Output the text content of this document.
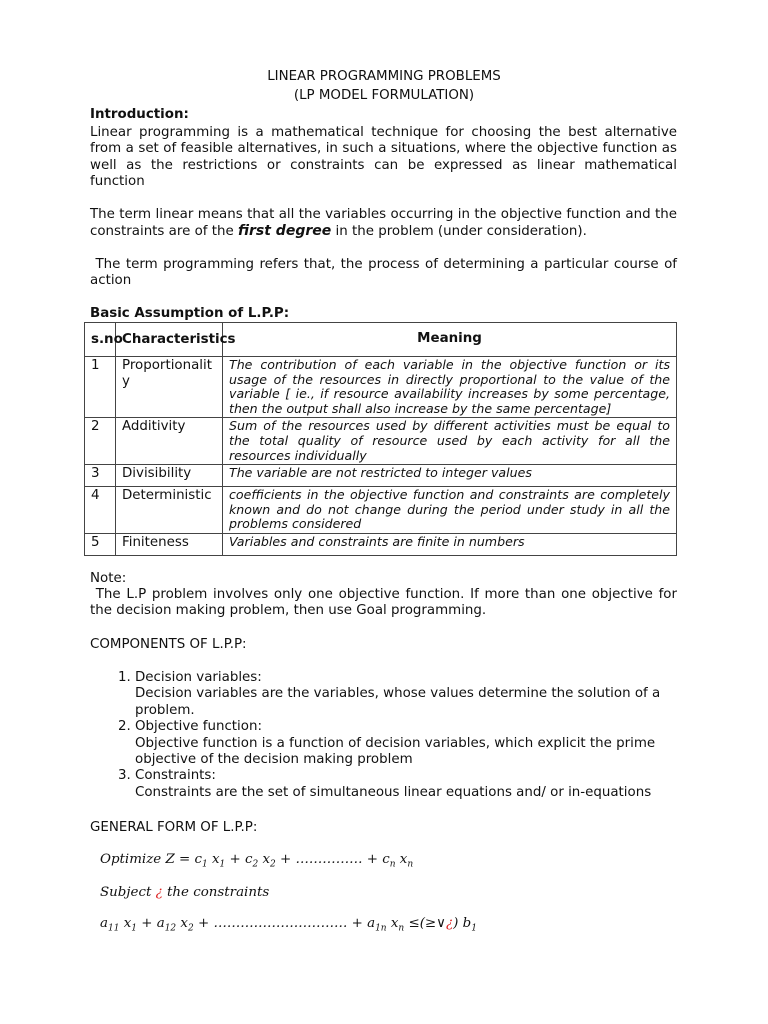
LINEAR PROGRAMMING PROBLEMS
(LP MODEL FORMULATION)
Introduction:
Linear programming is a mathematical technique for choosing the best alternative from a set of feasible alternatives, in such a situations, where the objective function as well as the restrictions or constraints can be expressed as linear mathematical function
The term linear means that all the variables occurring in the objective function and the constraints are of the first degree in the problem (under consideration).
The term programming refers that, the process of determining a particular course of action
Basic Assumption of L.P.P:
s.no	Characteristics	Meaning
1	Proportionality	The contribution of each variable in the objective function or its usage of the resources in directly proportional to the value of the variable [ ie., if resource availability increases by some percentage, then the output shall also increase by the same percentage]
2	Additivity	Sum of the resources used by different activities must be equal to the total quality of resource used by each activity for all the resources individually
3	Divisibility	The variable are not restricted to integer values
4	Deterministic	coefficients in the objective function and constraints are completely known and do not change during the period under study in all the problems considered
5	Finiteness	Variables and constraints are finite in numbers
Note:
The L.P problem involves only one objective function. If more than one objective for the decision making problem, then use Goal programming.
COMPONENTS OF L.P.P:
1. Decision variables:
Decision variables are the variables, whose values determine the solution of a problem.
2. Objective function:
Objective function is a function of decision variables, which explicit the prime objective of the decision making problem
3. Constraints:
Constraints are the set of simultaneous linear equations and/ or in-equations
GENERAL FORM OF L.P.P:
Optimize $Z = c_1$ $x_1 + c_2$ $x_2$ + …………… + $c_n$ $x_n$
Subject ¿ the constraints
$a_{11}$ $x_1 + a_{12}$ $x_2$ + ………………………… + $a_{1n}$ $x_n$ ≤(≥∨¿) $b_1$
